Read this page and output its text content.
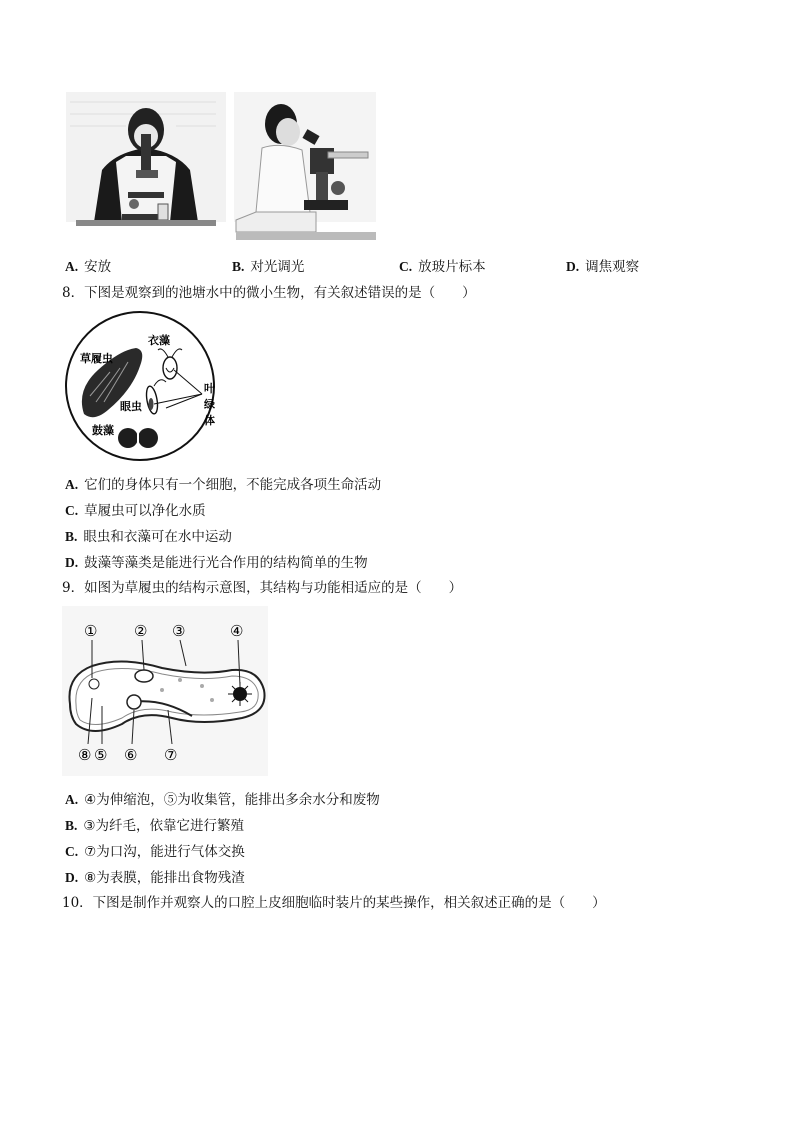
A. 安放	B. 对光调光	C. 放玻片标本	D. 调焦观察
8．下图是观察到的池塘水中的微小生物，有关叙述错误的是（　　）
草履虫
衣藻
眼虫
鼓藻
叶
绿
体
A. 它们的身体只有一个细胞，不能完成各项生命活动
C. 草履虫可以净化水质
B. 眼虫和衣藻可在水中运动
D. 鼓藻等藻类是能进行光合作用的结构简单的生物
9．如图为草履虫的结构示意图，其结构与功能相适应的是（　　）
① ② ③	④
⑧ ⑤ ⑥ ⑦
A. ④为伸缩泡，⑤为收集管，能排出多余水分和废物
B. ③为纤毛，依靠它进行繁殖
C. ⑦为口沟，能进行气体交换
D. ⑧为表膜，能排出食物残渣
10．下图是制作并观察人的口腔上皮细胞临时装片的某些操作，相关叙述正确的是（　　）
